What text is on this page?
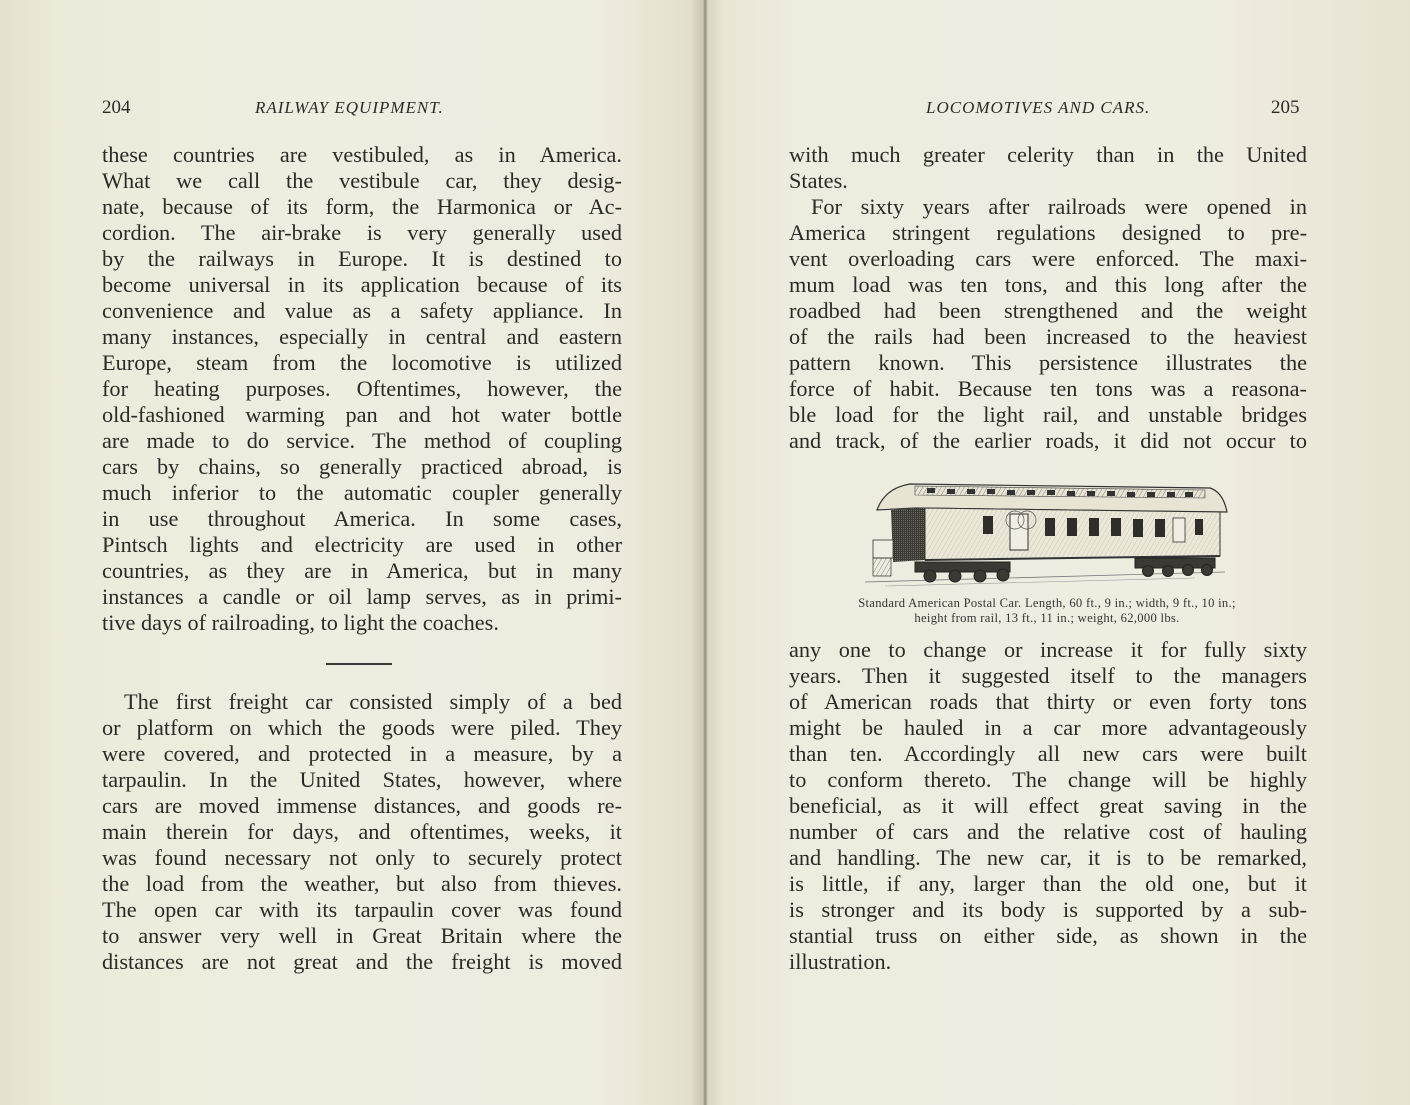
204	RAILWAY EQUIPMENT.
these countries are vestibuled, as in America.
What we call the vestibule car, they desig-
nate, because of its form, the Harmonica or Ac-
cordion. The air-brake is very generally used
by the railways in Europe. It is destined to
become universal in its application because of its
convenience and value as a safety appliance. In
many instances, especially in central and eastern
Europe, steam from the locomotive is utilized
for heating purposes. Oftentimes, however, the
old-fashioned warming pan and hot water bottle
are made to do service. The method of coupling
cars by chains, so generally practiced abroad, is
much inferior to the automatic coupler generally
in use throughout America. In some cases,
Pintsch lights and electricity are used in other
countries, as they are in America, but in many
instances a candle or oil lamp serves, as in primi-
tive days of railroading, to light the coaches.
The first freight car consisted simply of a bed
or platform on which the goods were piled. They
were covered, and protected in a measure, by a
tarpaulin. In the United States, however, where
cars are moved immense distances, and goods re-
main therein for days, and oftentimes, weeks, it
was found necessary not only to securely protect
the load from the weather, but also from thieves.
The open car with its tarpaulin cover was found
to answer very well in Great Britain where the
distances are not great and the freight is moved
LOCOMOTIVES AND CARS.	205
with much greater celerity than in the United
States.
For sixty years after railroads were opened in
America stringent regulations designed to pre-
vent overloading cars were enforced. The maxi-
mum load was ten tons, and this long after the
roadbed had been strengthened and the weight
of the rails had been increased to the heaviest
pattern known. This persistence illustrates the
force of habit. Because ten tons was a reasona-
ble load for the light rail, and unstable bridges
and track, of the earlier roads, it did not occur to
Standard American Postal Car. Length, 60 ft., 9 in.; width, 9 ft., 10 in.;
height from rail, 13 ft., 11 in.; weight, 62,000 lbs.
any one to change or increase it for fully sixty
years. Then it suggested itself to the managers
of American roads that thirty or even forty tons
might be hauled in a car more advantageously
than ten. Accordingly all new cars were built
to conform thereto. The change will be highly
beneficial, as it will effect great saving in the
number of cars and the relative cost of hauling
and handling. The new car, it is to be remarked,
is little, if any, larger than the old one, but it
is stronger and its body is supported by a sub-
stantial truss on either side, as shown in the
illustration.
